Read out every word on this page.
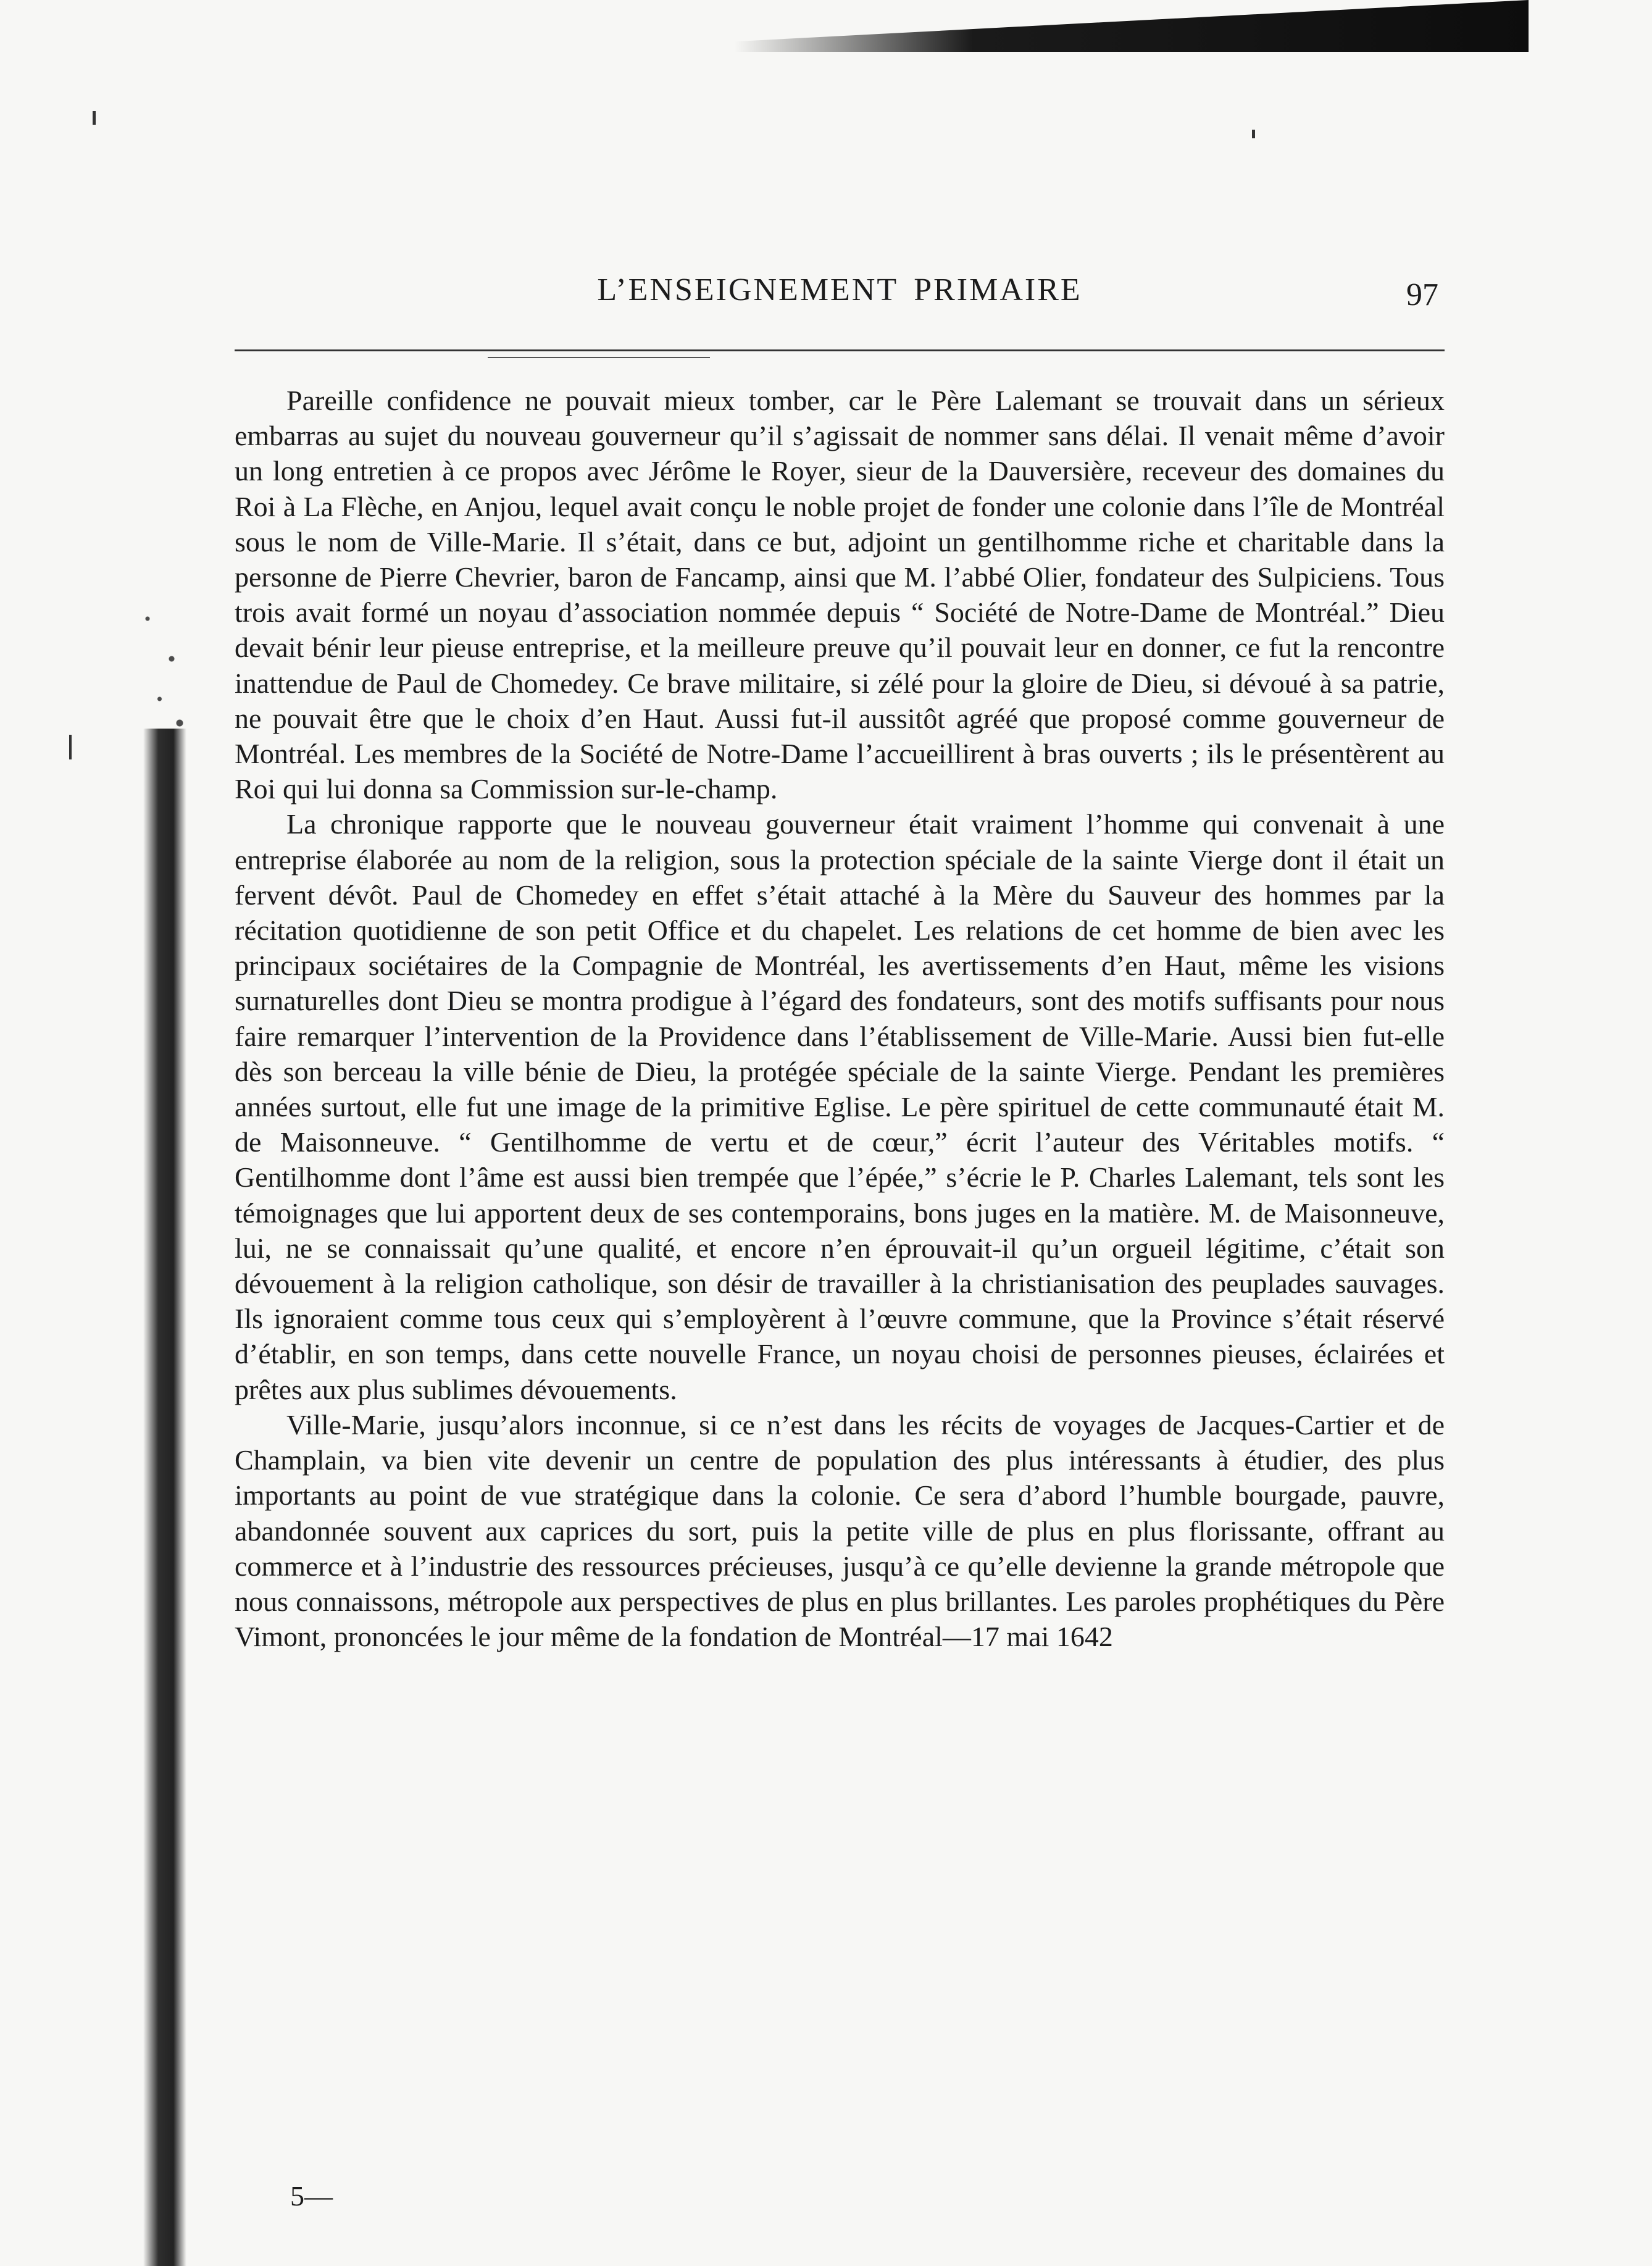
L’ENSEIGNEMENT PRIMAIRE	97

Pareille confidence ne pouvait mieux tomber, car le Père Lalemant se trouvait dans un sérieux embarras au sujet du nouveau gouverneur qu’il s’agissait de nommer sans délai. Il venait même d’avoir un long entretien à ce propos avec Jérôme le Royer, sieur de la Dauversière, receveur des domaines du Roi à La Flèche, en Anjou, lequel avait conçu le noble projet de fonder une colonie dans l’île de Montréal sous le nom de Ville-Marie. Il s’était, dans ce but, adjoint un gentilhomme riche et charitable dans la personne de Pierre Chevrier, baron de Fancamp, ainsi que M. l’abbé Olier, fondateur des Sulpiciens. Tous trois avait formé un noyau d’association nommée depuis “ Société de Notre-Dame de Montréal.” Dieu devait bénir leur pieuse entreprise, et la meilleure preuve qu’il pouvait leur en donner, ce fut la rencontre inattendue de Paul de Chomedey. Ce brave militaire, si zélé pour la gloire de Dieu, si dévoué à sa patrie, ne pouvait être que le choix d’en Haut. Aussi fut-il aussitôt agréé que proposé comme gouverneur de Montréal. Les membres de la Société de Notre-Dame l’accueillirent à bras ouverts ; ils le présentèrent au Roi qui lui donna sa Commission sur-le-champ.

La chronique rapporte que le nouveau gouverneur était vraiment l’homme qui convenait à une entreprise élaborée au nom de la religion, sous la protection spéciale de la sainte Vierge dont il était un fervent dévôt. Paul de Chomedey en effet s’était attaché à la Mère du Sauveur des hommes par la récitation quotidienne de son petit Office et du chapelet. Les relations de cet homme de bien avec les principaux sociétaires de la Compagnie de Montréal, les avertissements d’en Haut, même les visions surnaturelles dont Dieu se montra prodigue à l’égard des fondateurs, sont des motifs suffisants pour nous faire remarquer l’intervention de la Providence dans l’établissement de Ville-Marie. Aussi bien fut-elle dès son berceau la ville bénie de Dieu, la protégée spéciale de la sainte Vierge. Pendant les premières années surtout, elle fut une image de la primitive Eglise. Le père spirituel de cette communauté était M. de Maisonneuve. “ Gentilhomme de vertu et de cœur,” écrit l’auteur des Véritables motifs. “ Gentilhomme dont l’âme est aussi bien trempée que l’épée,” s’écrie le P. Charles Lalemant, tels sont les témoignages que lui apportent deux de ses contemporains, bons juges en la matière. M. de Maisonneuve, lui, ne se connaissait qu’une qualité, et encore n’en éprouvait-il qu’un orgueil légitime, c’était son dévouement à la religion catholique, son désir de travailler à la christianisation des peuplades sauvages. Ils ignoraient comme tous ceux qui s’employèrent à l’œuvre commune, que la Province s’était réservé d’établir, en son temps, dans cette nouvelle France, un noyau choisi de personnes pieuses, éclairées et prêtes aux plus sublimes dévouements.

Ville-Marie, jusqu’alors inconnue, si ce n’est dans les récits de voyages de Jacques-Cartier et de Champlain, va bien vite devenir un centre de population des plus intéressants à étudier, des plus importants au point de vue stratégique dans la colonie. Ce sera d’abord l’humble bourgade, pauvre, abandonnée souvent aux caprices du sort, puis la petite ville de plus en plus florissante, offrant au commerce et à l’industrie des ressources précieuses, jusqu’à ce qu’elle devienne la grande métropole que nous connaissons, métropole aux perspectives de plus en plus brillantes. Les paroles prophétiques du Père Vimont, prononcées le jour même de la fondation de Montréal—17 mai 1642

5—
